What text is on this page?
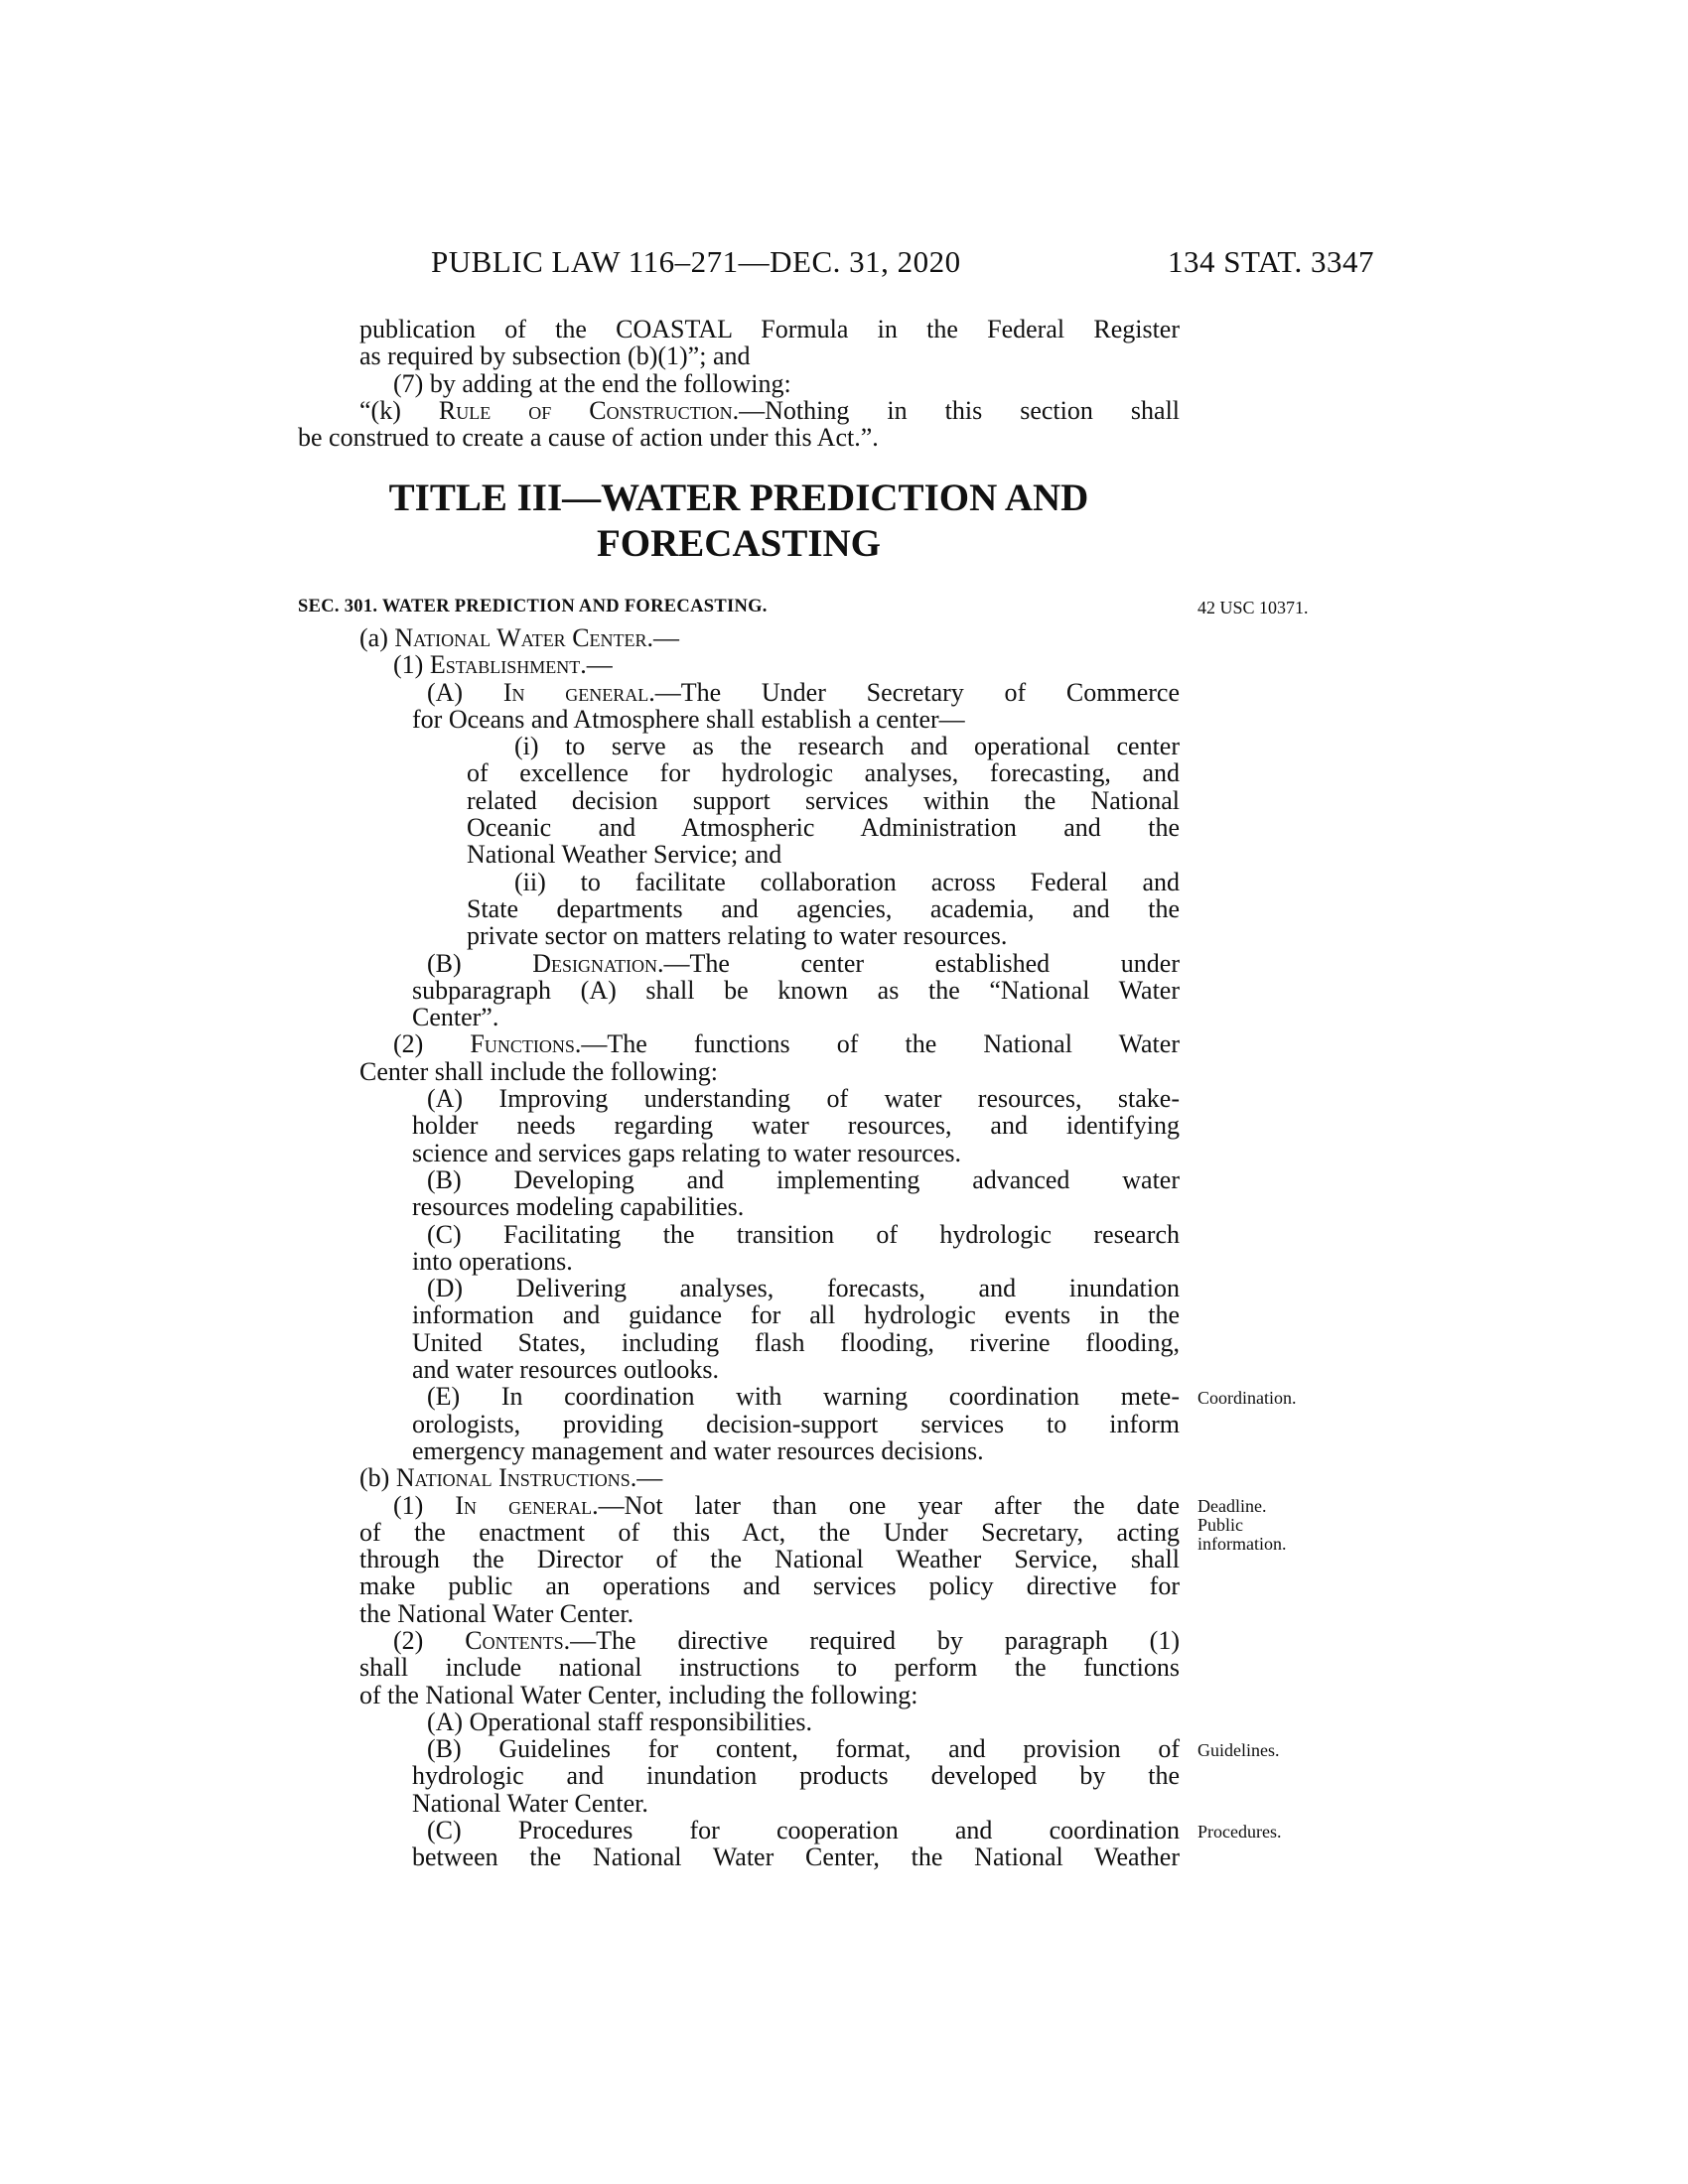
PUBLIC LAW 116–271—DEC. 31, 2020	134 STAT. 3347
publication of the COASTAL Formula in the Federal Register
as required by subsection (b)(1)”; and
(7) by adding at the end the following:
“(k) Rule of Construction.—Nothing in this section shall
be construed to create a cause of action under this Act.”.
TITLE III—WATER PREDICTION AND
FORECASTING
SEC. 301. WATER PREDICTION AND FORECASTING.
(a) National Water Center.—
(1) Establishment.—
(A) In general.—The Under Secretary of Commerce
for Oceans and Atmosphere shall establish a center—
(i) to serve as the research and operational center
of excellence for hydrologic analyses, forecasting, and
related decision support services within the National
Oceanic and Atmospheric Administration and the
National Weather Service; and
(ii) to facilitate collaboration across Federal and
State departments and agencies, academia, and the
private sector on matters relating to water resources.
(B) Designation.—The center established under
subparagraph (A) shall be known as the “National Water
Center”.
(2) Functions.—The functions of the National Water
Center shall include the following:
(A) Improving understanding of water resources, stake-
holder needs regarding water resources, and identifying
science and services gaps relating to water resources.
(B) Developing and implementing advanced water
resources modeling capabilities.
(C) Facilitating the transition of hydrologic research
into operations.
(D) Delivering analyses, forecasts, and inundation
information and guidance for all hydrologic events in the
United States, including flash flooding, riverine flooding,
and water resources outlooks.
(E) In coordination with warning coordination mete-
orologists, providing decision-support services to inform
emergency management and water resources decisions.
(b) National Instructions.—
(1) In general.—Not later than one year after the date
of the enactment of this Act, the Under Secretary, acting
through the Director of the National Weather Service, shall
make public an operations and services policy directive for
the National Water Center.
(2) Contents.—The directive required by paragraph (1)
shall include national instructions to perform the functions
of the National Water Center, including the following:
(A) Operational staff responsibilities.
(B) Guidelines for content, format, and provision of
hydrologic and inundation products developed by the
National Water Center.
(C) Procedures for cooperation and coordination
between the National Water Center, the National Weather
42 USC 10371.
Coordination.
Deadline.
Public
information.
Guidelines.
Procedures.
